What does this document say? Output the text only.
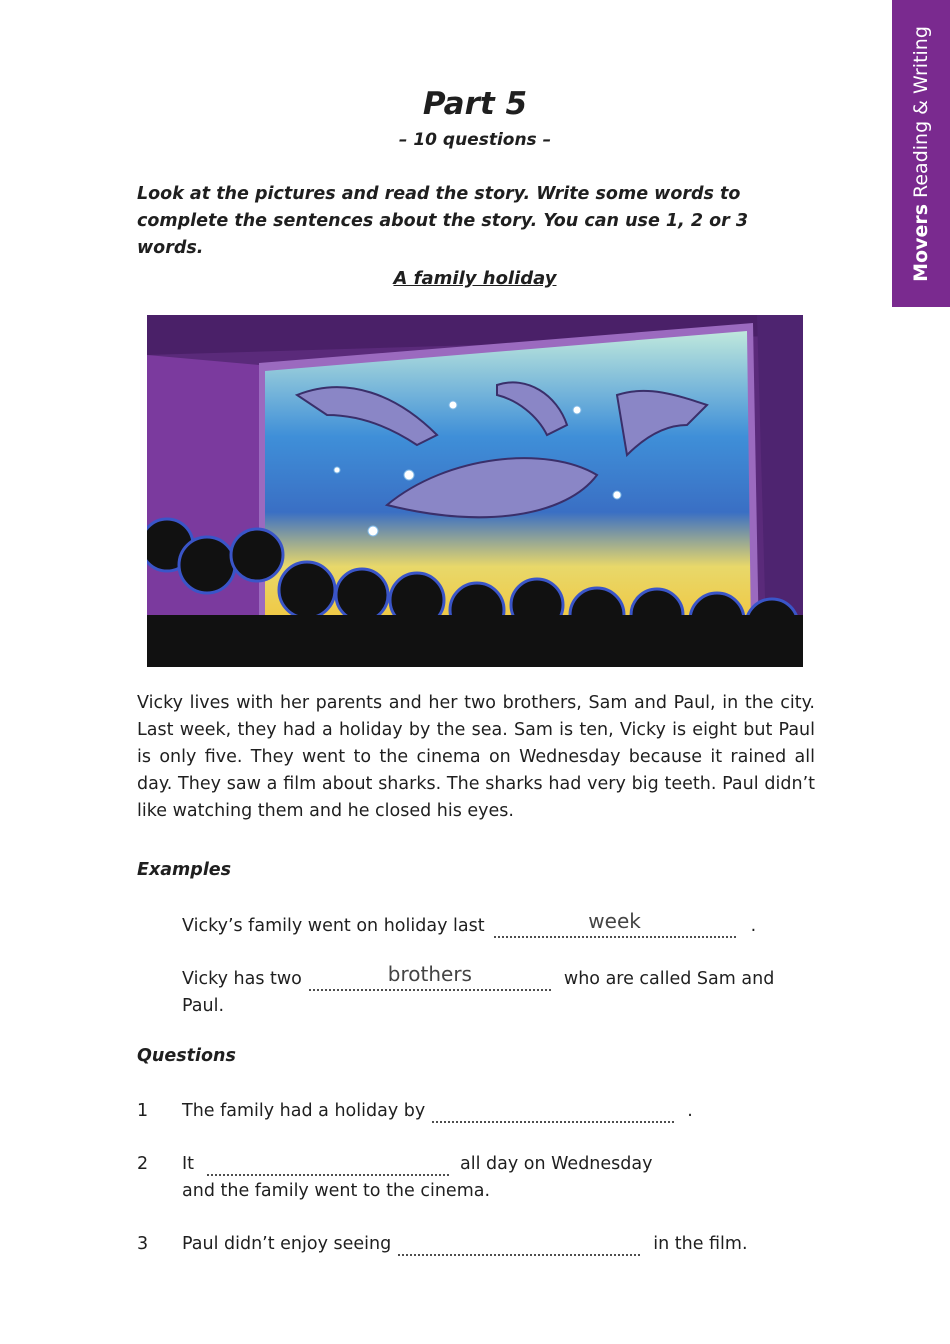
MoversReading & Writing
Part 5
– 10 questions –
Look at the pictures and read the story. Write some words to complete the sentences about the story. You can use 1, 2 or 3 words.
A family holiday
Vicky lives with her parents and her two brothers, Sam and Paul, in the city. Last week, they had a holiday by the sea. Sam is ten, Vicky is eight but Paul is only five. They went to the cinema on Wednesday because it rained all day. They saw a film about sharks. The sharks had very big teeth. Paul didn’t like watching them and he closed his eyes.
Examples
Vicky’s family went on holiday last	week	.
Vicky has two	brothers	who are called Sam and
Paul.
Questions
1 The family had a holiday by	.
2 It	all day on Wednesday
and the family went to the cinema.
3 Paul didn’t enjoy seeing	in the film.
